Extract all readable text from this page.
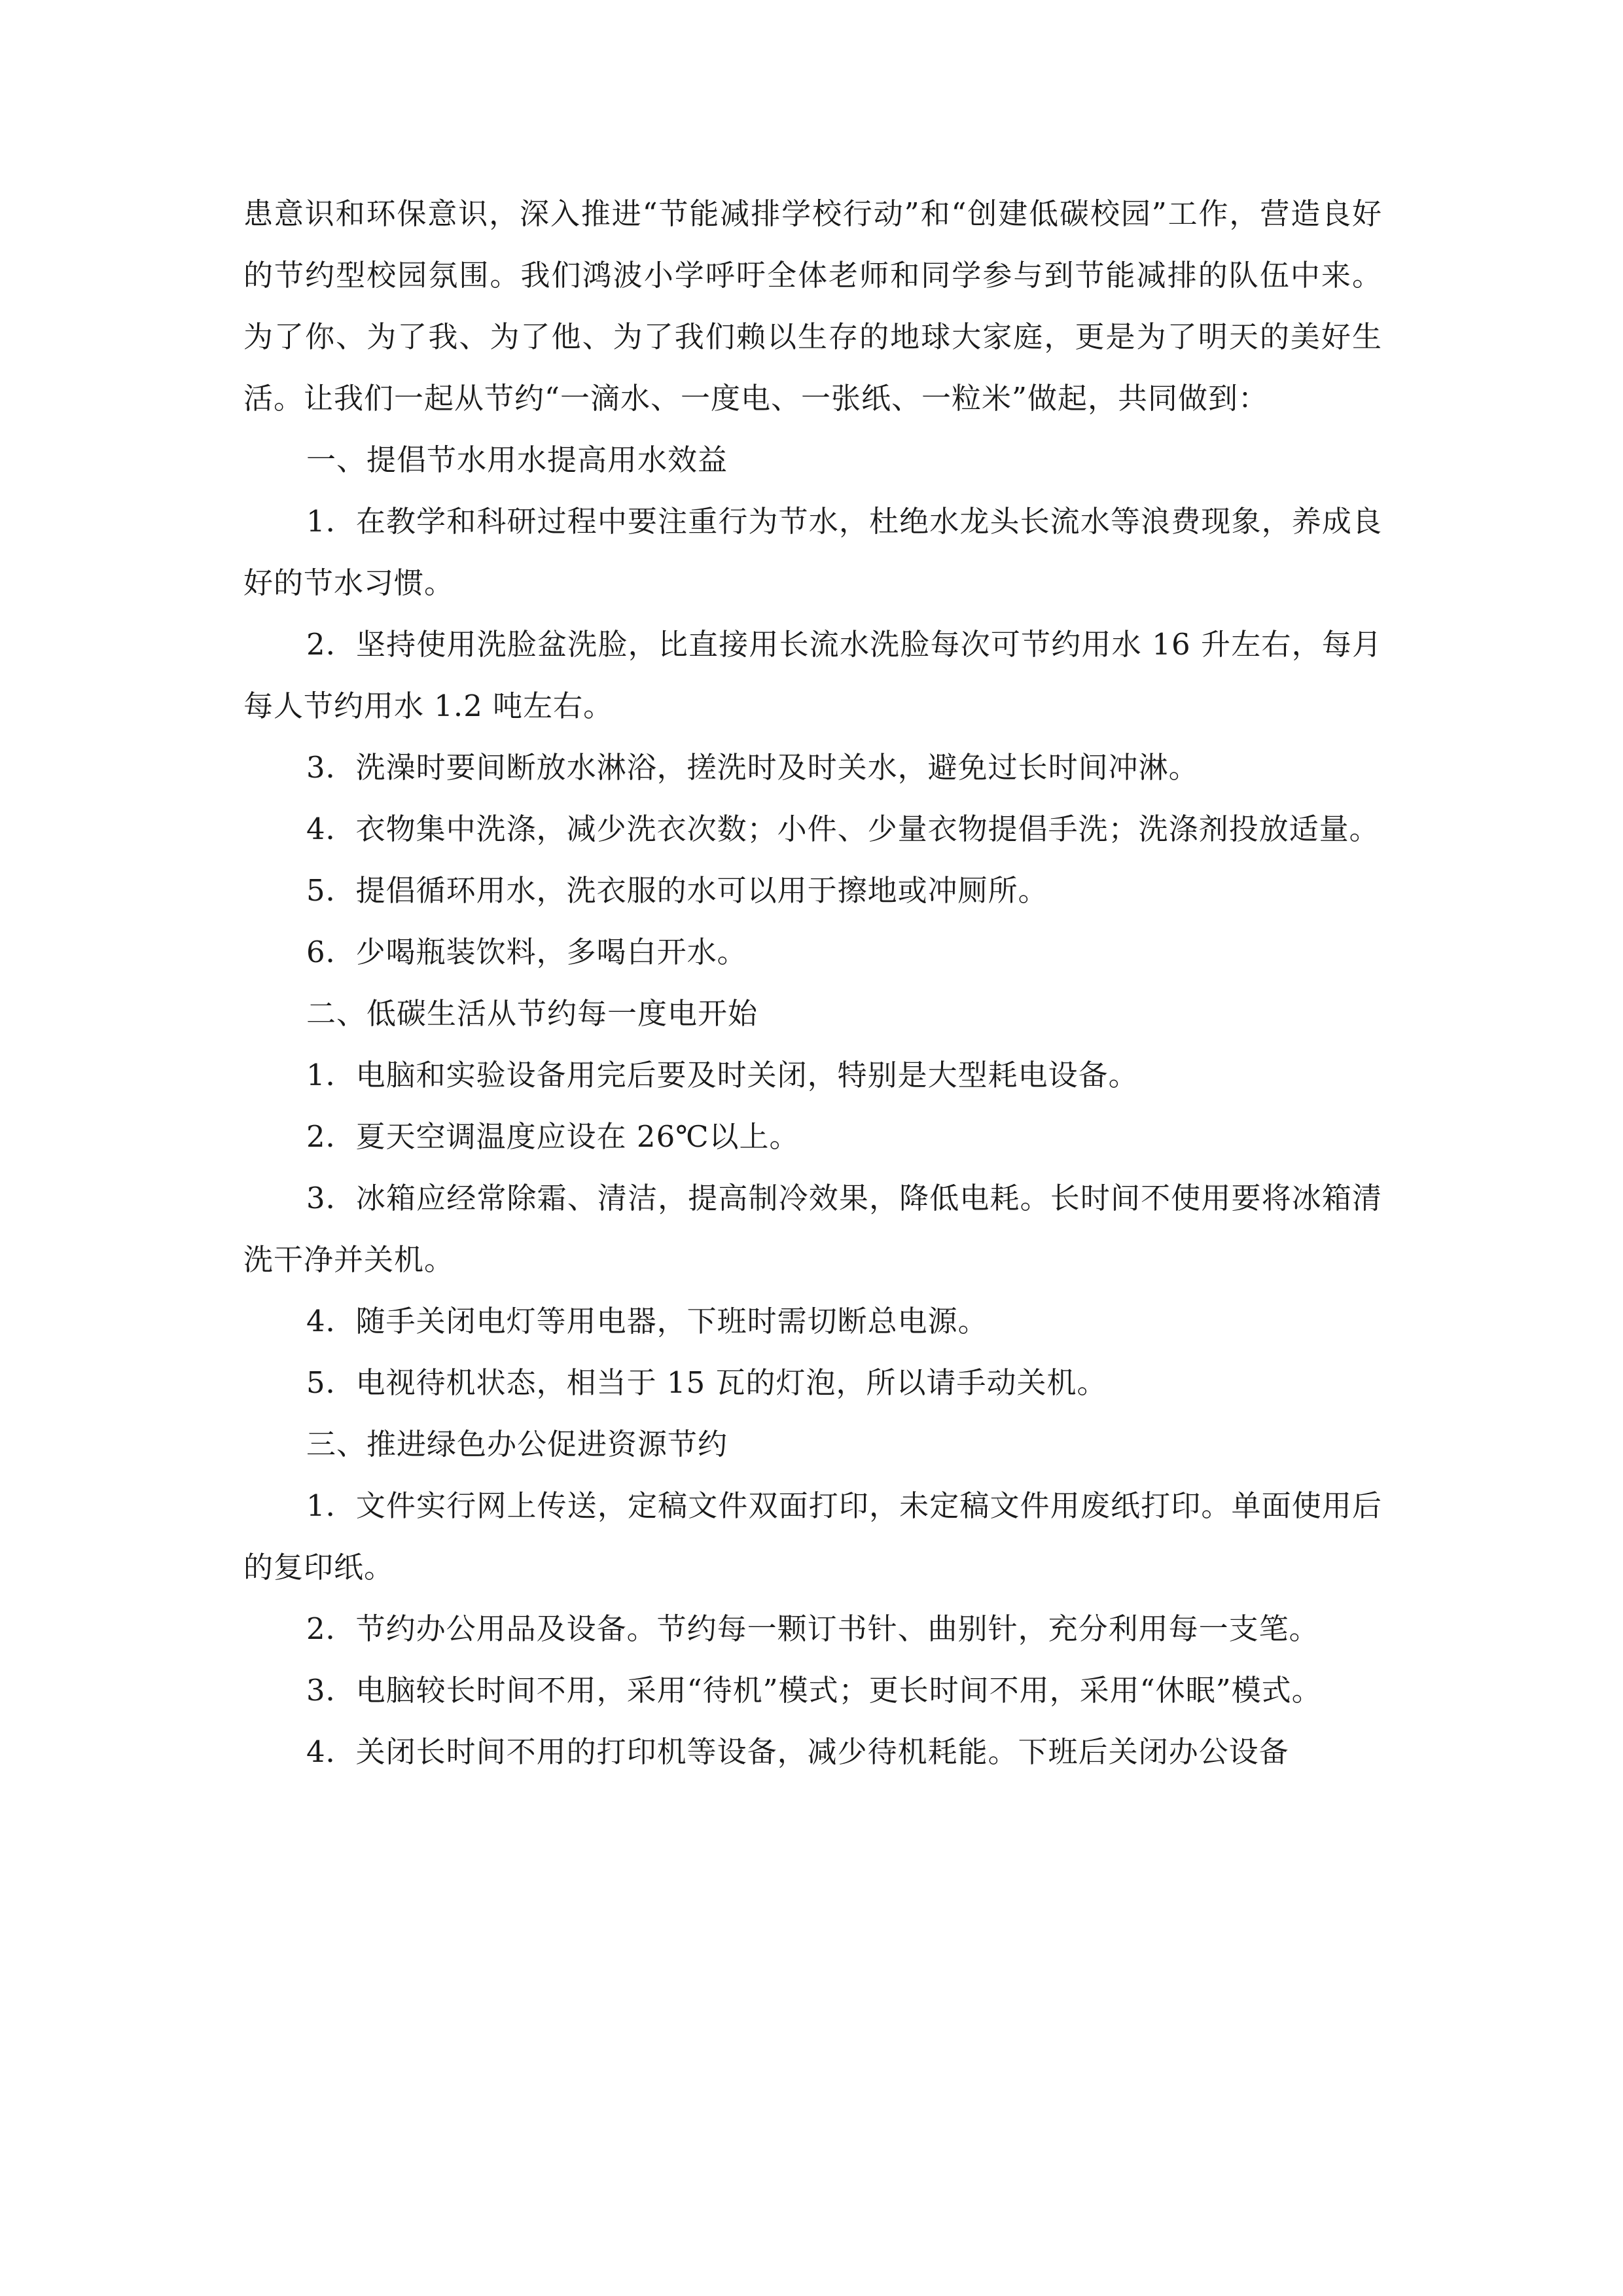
患意识和环保意识，深入推进“节能减排学校行动”和“创建低碳校园”工作，营造良好的节约型校园氛围。我们鸿波小学呼吁全体老师和同学参与到节能减排的队伍中来。为了你、为了我、为了他、为了我们赖以生存的地球大家庭，更是为了明天的美好生活。让我们一起从节约“一滴水、一度电、一张纸、一粒米”做起，共同做到：

一、提倡节水用水提高用水效益

1．在教学和科研过程中要注重行为节水，杜绝水龙头长流水等浪费现象，养成良好的节水习惯。

2．坚持使用洗脸盆洗脸，比直接用长流水洗脸每次可节约用水 16 升左右，每月每人节约用水 1.2 吨左右。

3．洗澡时要间断放水淋浴，搓洗时及时关水，避免过长时间冲淋。

4．衣物集中洗涤，减少洗衣次数；小件、少量衣物提倡手洗；洗涤剂投放适量。

5．提倡循环用水，洗衣服的水可以用于擦地或冲厕所。

6．少喝瓶装饮料，多喝白开水。

二、低碳生活从节约每一度电开始

1．电脑和实验设备用完后要及时关闭，特别是大型耗电设备。

2．夏天空调温度应设在 26℃以上。

3．冰箱应经常除霜、清洁，提高制冷效果，降低电耗。长时间不使用要将冰箱清洗干净并关机。

4．随手关闭电灯等用电器，下班时需切断总电源。

5．电视待机状态，相当于 15 瓦的灯泡，所以请手动关机。

三、推进绿色办公促进资源节约

1．文件实行网上传送，定稿文件双面打印，未定稿文件用废纸打印。单面使用后的复印纸。

2．节约办公用品及设备。节约每一颗订书针、曲别针，充分利用每一支笔。

3．电脑较长时间不用，采用“待机”模式；更长时间不用，采用“休眠”模式。

4．关闭长时间不用的打印机等设备，减少待机耗能。下班后关闭办公设备
